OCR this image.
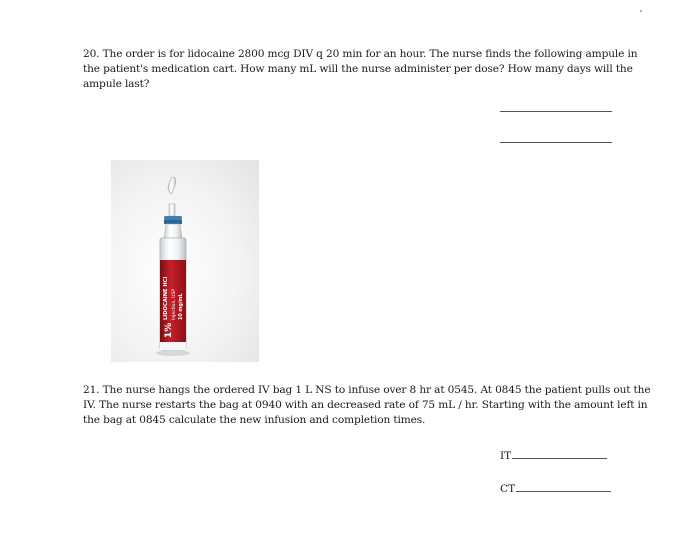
20. The order is for lidocaine 2800 mcg DIV q 20 min for an hour. The nurse finds the following ampule in the patient's medication cart. How many mL will the nurse administer per dose? How many days will the ampule last?
1%
LIDOCAINE HCl Injection, USP 10 mg/mL
21. The nurse hangs the ordered IV bag 1 L NS to infuse over 8 hr at 0545. At 0845 the patient pulls out the IV. The nurse restarts the bag at 0940 with an decreased rate of 75 mL / hr. Starting with the amount left in the bag at 0845 calculate the new infusion and completion times.
IT
CT
